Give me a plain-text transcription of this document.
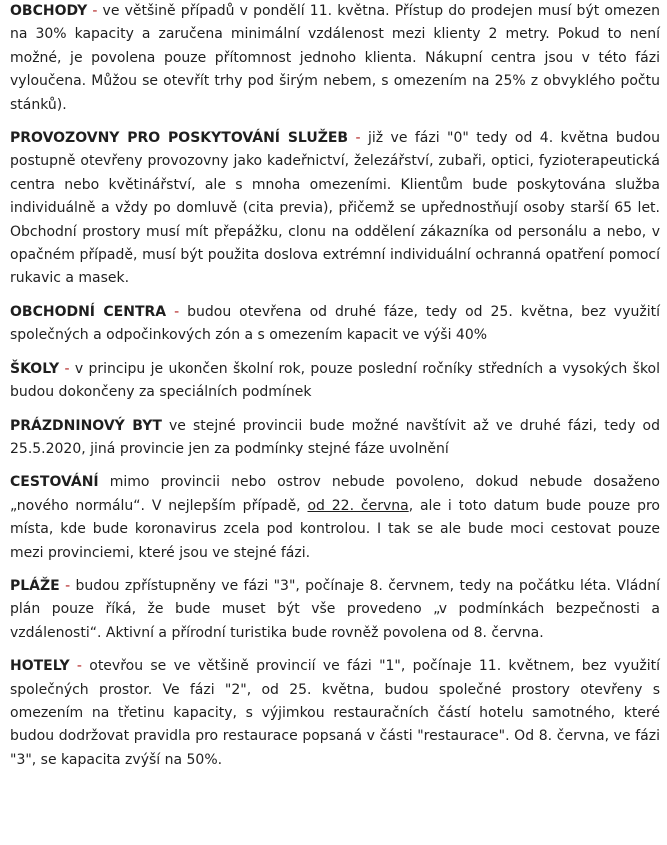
OBCHODY - ve většině případů v pondělí 11. května. Přístup do prodejen musí být omezen na 30% kapacity a zaručena minimální vzdálenost mezi klienty 2 metry. Pokud to není možné, je povolena pouze přítomnost jednoho klienta. Nákupní centra jsou v této fázi vyloučena. Můžou se otevřít trhy pod širým nebem, s omezením na 25% z obvyklého počtu stánků).

PROVOZOVNY PRO POSKYTOVÁNÍ SLUŽEB - již ve fázi "0" tedy od 4. května budou postupně otevřeny provozovny jako kadeřnictví, železářství, zubaři, optici, fyzioterapeutická centra nebo květinářství, ale s mnoha omezeními. Klientům bude poskytována služba individuálně a vždy po domluvě (cita previa), přičemž se upřednostňují osoby starší 65 let. Obchodní prostory musí mít přepážku, clonu na oddělení zákazníka od personálu a nebo, v opačném případě, musí být použita doslova extrémní individuální ochranná opatření pomocí rukavic a masek.

OBCHODNÍ CENTRA - budou otevřena od druhé fáze, tedy od 25. května, bez využití společných a odpočinkových zón a s omezením kapacit ve výši 40%

ŠKOLY - v principu je ukončen školní rok, pouze poslední ročníky středních a vysokých škol budou dokončeny za speciálních podmínek

PRÁZDNINOVÝ BYT ve stejné provincii bude možné navštívit až ve druhé fázi, tedy od 25.5.2020, jiná provincie jen za podmínky stejné fáze uvolnění

CESTOVÁNÍ mimo provincii nebo ostrov nebude povoleno, dokud nebude dosaženo „nového normálu“. V nejlepším případě, od 22. června, ale i toto datum bude pouze pro místa, kde bude koronavirus zcela pod kontrolou. I tak se ale bude moci cestovat pouze mezi provinciemi, které jsou ve stejné fázi.

PLÁŽE - budou zpřístupněny ve fázi "3", počínaje 8. červnem, tedy na počátku léta. Vládní plán pouze říká, že bude muset být vše provedeno „v podmínkách bezpečnosti a vzdálenosti“. Aktivní a přírodní turistika bude rovněž povolena od 8. června.

HOTELY - otevřou se ve většině provincií ve fázi "1", počínaje 11. květnem, bez využití společných prostor. Ve fázi "2", od 25. května, budou společné prostory otevřeny s omezením na třetinu kapacity, s výjimkou restauračních částí hotelu samotného, které budou dodržovat pravidla pro restaurace popsaná v části "restaurace". Od 8. června, ve fázi "3", se kapacita zvýší na 50%.
